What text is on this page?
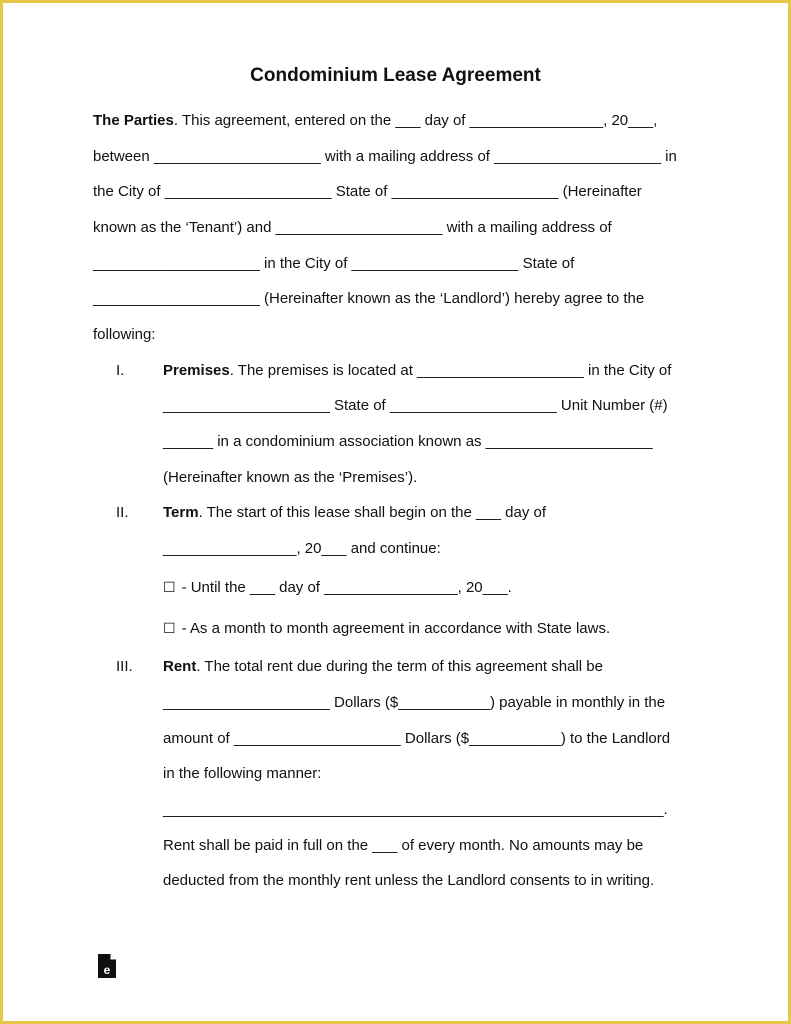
Condominium Lease Agreement
The Parties. This agreement, entered on the ___ day of ________________, 20___,
between ____________________ with a mailing address of ____________________ in
the City of ____________________ State of ____________________ (Hereinafter
known as the ‘Tenant’) and ____________________ with a mailing address of
____________________ in the City of ____________________ State of
____________________ (Hereinafter known as the ‘Landlord’) hereby agree to the
following:
I.	Premises. The premises is located at ____________________ in the City of
____________________ State of ____________________ Unit Number (#)
______ in a condominium association known as ____________________
(Hereinafter known as the ‘Premises’).
II. Term. The start of this lease shall begin on the ___ day of
________________, 20___ and continue:
☐ - Until the ___ day of ________________, 20___.
☐ - As a month to month agreement in accordance with State laws.
III. Rent. The total rent due during the term of this agreement shall be
____________________ Dollars ($___________) payable in monthly in the
amount of ____________________ Dollars ($___________) to the Landlord
in the following manner:
____________________________________________________________.
Rent shall be paid in full on the ___ of every month. No amounts may be
deducted from the monthly rent unless the Landlord consents to in writing.
e
